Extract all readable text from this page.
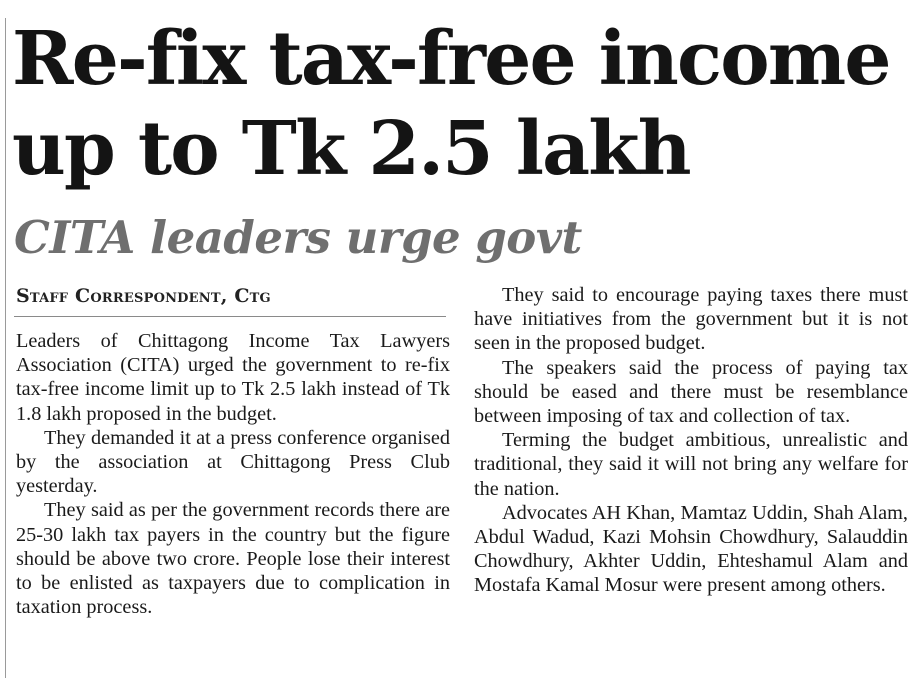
Re-fix tax-free income
up to Tk 2.5 lakh
CITA leaders urge govt
Staff Correspondent, Ctg

Leaders of Chittagong Income Tax Lawyers Association (CITA) urged the government to re-fix tax-free income limit up to Tk 2.5 lakh instead of Tk 1.8 lakh proposed in the budget.

They demanded it at a press conference organised by the association at Chittagong Press Club yesterday.

They said as per the government records there are 25-30 lakh tax payers in the country but the figure should be above two crore. People lose their interest to be enlisted as taxpayers due to complication in taxation process.

They said to encourage paying taxes there must have initiatives from the government but it is not seen in the proposed budget.

The speakers said the process of paying tax should be eased and there must be resemblance between imposing of tax and collection of tax.

Terming the budget ambitious, unrealistic and traditional, they said it will not bring any welfare for the nation.

Advocates AH Khan, Mamtaz Uddin, Shah Alam, Abdul Wadud, Kazi Mohsin Chowdhury, Salauddin Chowdhury, Akhter Uddin, Ehteshamul Alam and Mostafa Kamal Mosur were present among others.
